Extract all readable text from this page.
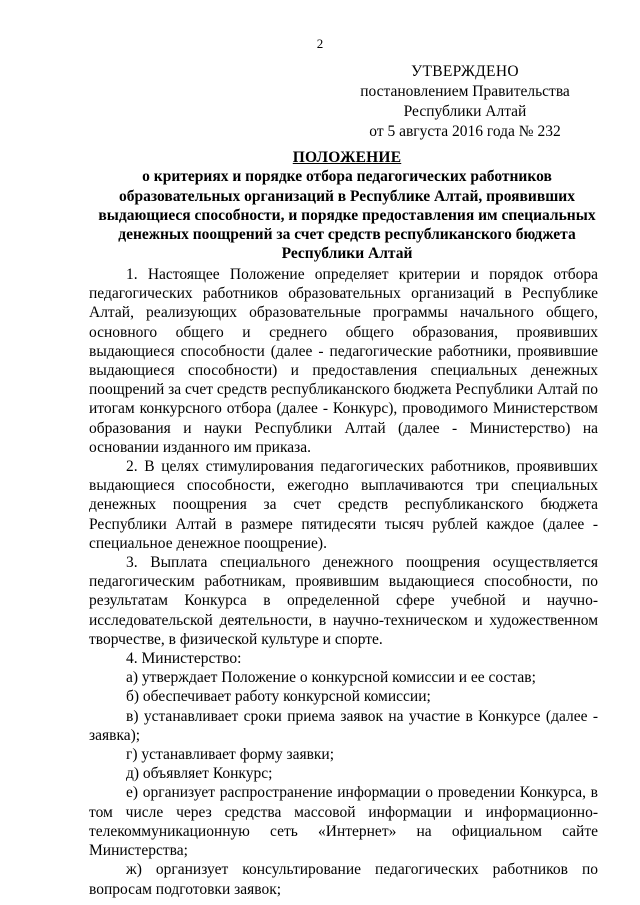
2
УТВЕРЖДЕНО
постановлением Правительства
Республики Алтай
от 5 августа 2016 года № 232
ПОЛОЖЕНИЕ
о критериях и порядке отбора педагогических работников
образовательных организаций в Республике Алтай, проявивших
выдающиеся способности, и порядке предоставления им специальных
денежных поощрений за счет средств республиканского бюджета
Республики Алтай

1. Настоящее Положение определяет критерии и порядок отбора педагогических работников образовательных организаций в Республике Алтай, реализующих образовательные программы начального общего, основного общего и среднего общего образования, проявивших выдающиеся способности (далее - педагогические работники, проявившие выдающиеся способности) и предоставления специальных денежных поощрений за счет средств республиканского бюджета Республики Алтай по итогам конкурсного отбора (далее - Конкурс), проводимого Министерством образования и науки Республики Алтай (далее - Министерство) на основании изданного им приказа.

2. В целях стимулирования педагогических работников, проявивших выдающиеся способности, ежегодно выплачиваются три специальных денежных поощрения за счет средств республиканского бюджета Республики Алтай в размере пятидесяти тысяч рублей каждое (далее - специальное денежное поощрение).

3. Выплата специального денежного поощрения осуществляется педагогическим работникам, проявившим выдающиеся способности, по результатам Конкурса в определенной сфере учебной и научно-исследовательской деятельности, в научно-техническом и художественном творчестве, в физической культуре и спорте.

4. Министерство:

а) утверждает Положение о конкурсной комиссии и ее состав;

б) обеспечивает работу конкурсной комиссии;

в) устанавливает сроки приема заявок на участие в Конкурсе (далее - заявка);

г) устанавливает форму заявки;

д) объявляет Конкурс;

е) организует распространение информации о проведении Конкурса, в том числе через средства массовой информации и информационно-телекоммуникационную сеть «Интернет» на официальном сайте Министерства;

ж) организует консультирование педагогических работников по вопросам подготовки заявок;
